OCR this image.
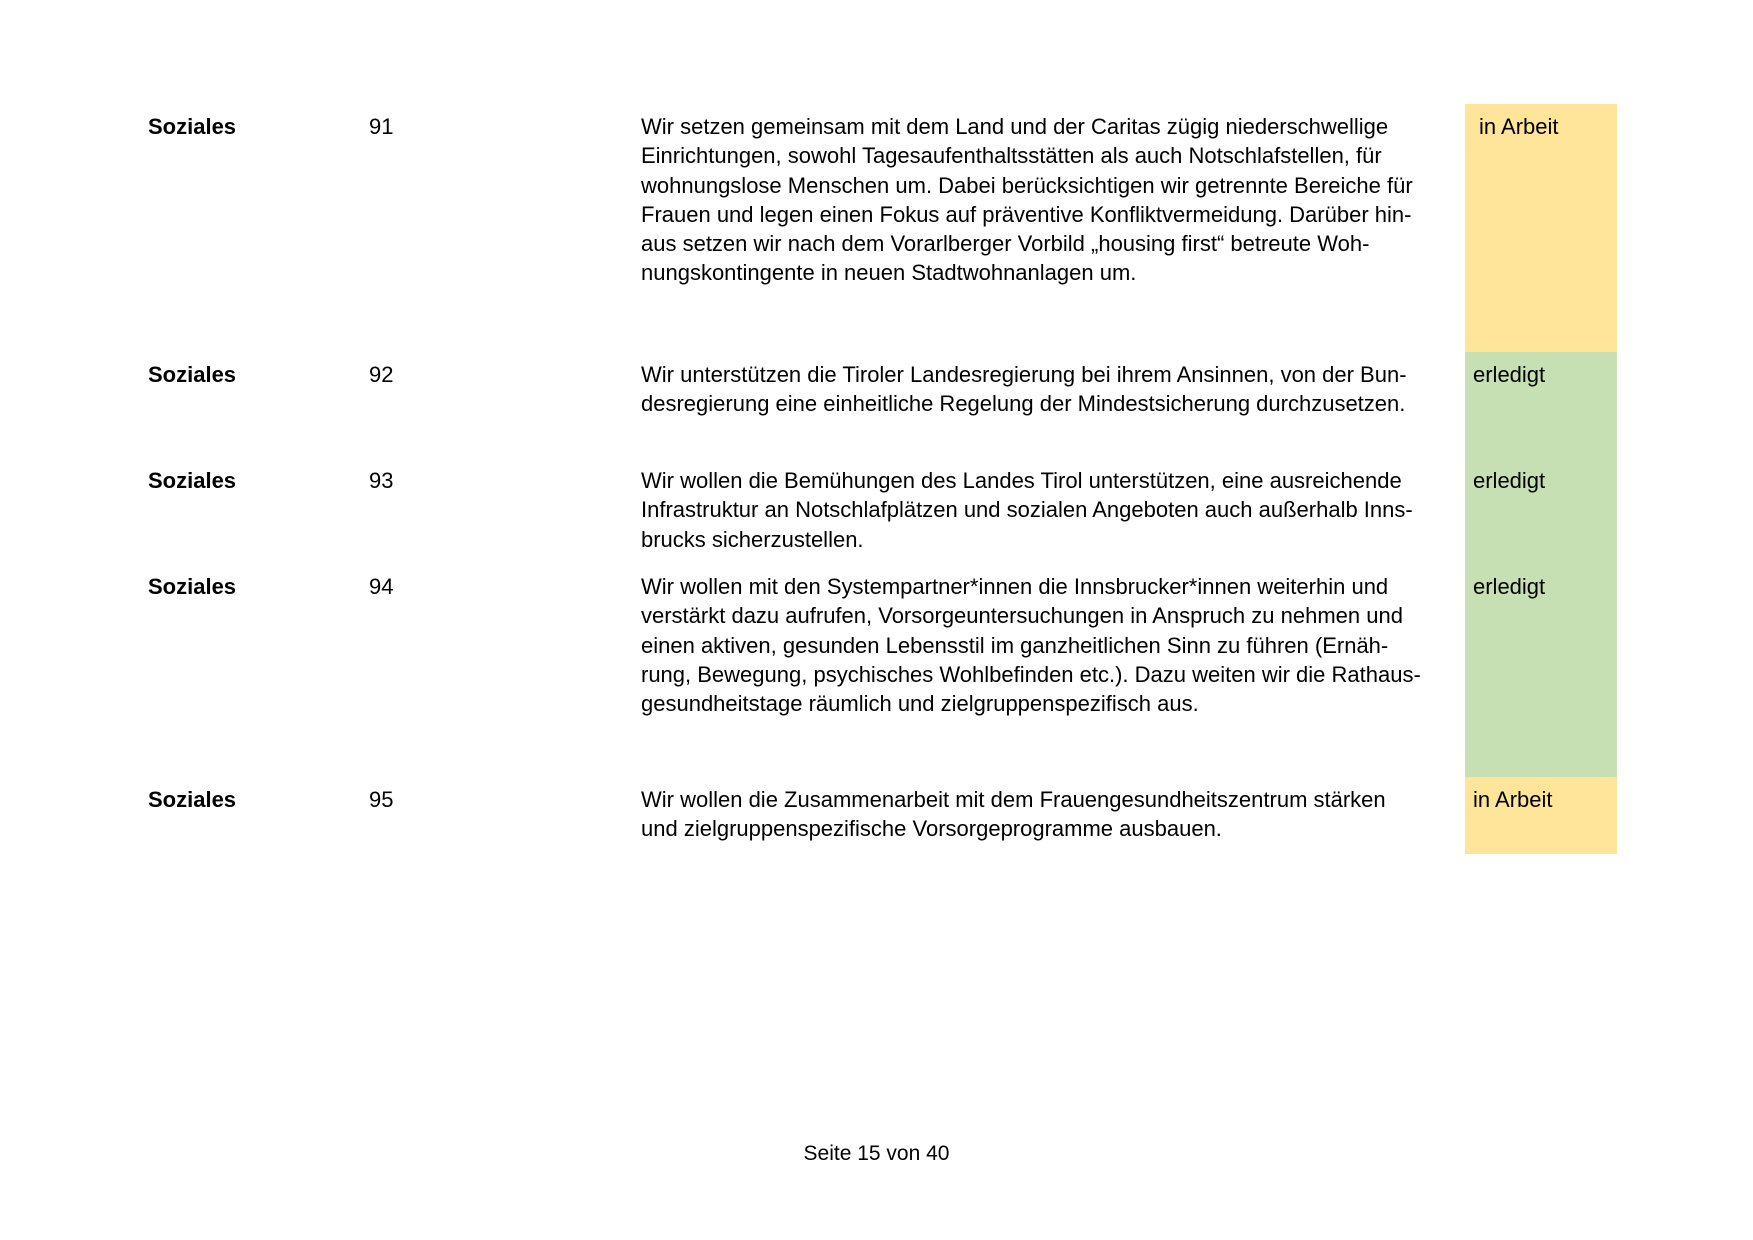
Soziales	91	Wir setzen gemeinsam mit dem Land und der Caritas zügig niederschwellige
Einrichtungen, sowohl Tagesaufenthaltsstätten als auch Notschlafstellen, für
wohnungslose Menschen um. Dabei berücksichtigen wir getrennte Bereiche für
Frauen und legen einen Fokus auf präventive Konfliktvermeidung. Darüber hin-
aus setzen wir nach dem Vorarlberger Vorbild „housing first“ betreute Woh-
nungskontingente in neuen Stadtwohnanlagen um.
in Arbeit
Soziales	92	Wir unterstützen die Tiroler Landesregierung bei ihrem Ansinnen, von der Bun-
desregierung eine einheitliche Regelung der Mindestsicherung durchzusetzen.
erledigt
Soziales	93	Wir wollen die Bemühungen des Landes Tirol unterstützen, eine ausreichende
Infrastruktur an Notschlafplätzen und sozialen Angeboten auch außerhalb Inns-
brucks sicherzustellen.
erledigt
Soziales	94	Wir wollen mit den Systempartner*innen die Innsbrucker*innen weiterhin und
verstärkt dazu aufrufen, Vorsorgeuntersuchungen in Anspruch zu nehmen und
einen aktiven, gesunden Lebensstil im ganzheitlichen Sinn zu führen (Ernäh-
rung, Bewegung, psychisches Wohlbefinden etc.). Dazu weiten wir die Rathaus-
gesundheitstage räumlich und zielgruppenspezifisch aus.
erledigt
Soziales	95	Wir wollen die Zusammenarbeit mit dem Frauengesundheitszentrum stärken
und zielgruppenspezifische Vorsorgeprogramme ausbauen.
in Arbeit
Seite 15 von 40
